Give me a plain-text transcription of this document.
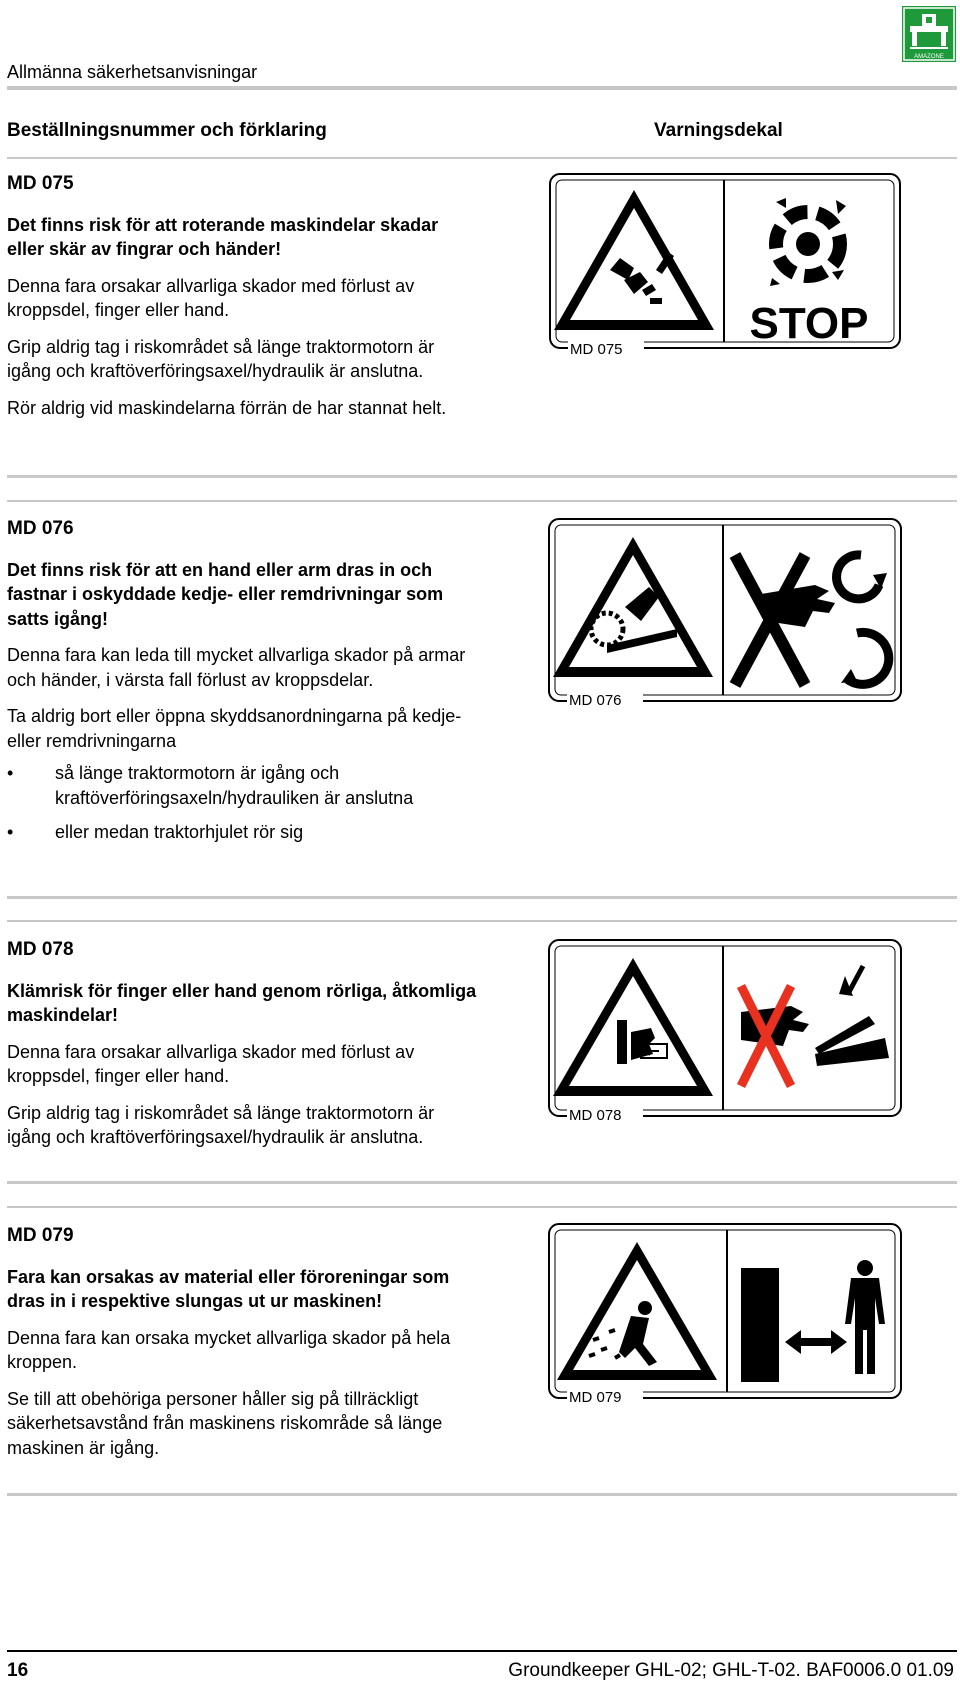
Allmänna säkerhetsanvisningar
AMAZONE
Beställningsnummer och förklaring	Varningsdekal

MD 075

Det finns risk för att roterande maskindelar skadar eller skär av fingrar och händer!

Denna fara orsakar allvarliga skador med förlust av kroppsdel, finger eller hand.

Grip aldrig tag i riskområdet så länge traktormotorn är igång och kraftöverföringsaxel/hydraulik är anslutna.

Rör aldrig vid maskindelarna förrän de har stannat helt.

STOP
MD 075

MD 076

Det finns risk för att en hand eller arm dras in och fastnar i oskyddade kedje- eller remdrivningar som satts igång!

Denna fara kan leda till mycket allvarliga skador på armar och händer, i värsta fall förlust av kroppsdelar.

Ta aldrig bort eller öppna skyddsanordningarna på kedje- eller remdrivningarna

• så länge traktormotorn är igång och kraftöverföringsaxeln/hydrauliken är anslutna
• eller medan traktorhjulet rör sig
MD 076

MD 078

Klämrisk för finger eller hand genom rörliga, åtkomliga maskindelar!

Denna fara orsakar allvarliga skador med förlust av kroppsdel, finger eller hand.

Grip aldrig tag i riskområdet så länge traktormotorn är igång och kraftöverföringsaxel/hydraulik är anslutna.

MD 078

MD 079

Fara kan orsakas av material eller föroreningar som dras in i respektive slungas ut ur maskinen!

Denna fara kan orsaka mycket allvarliga skador på hela kroppen.

Se till att obehöriga personer håller sig på tillräckligt säkerhetsavstånd från maskinens riskområde så länge maskinen är igång.

MD 079
16	Groundkeeper GHL-02; GHL-T-02. BAF0006.0 01.09
